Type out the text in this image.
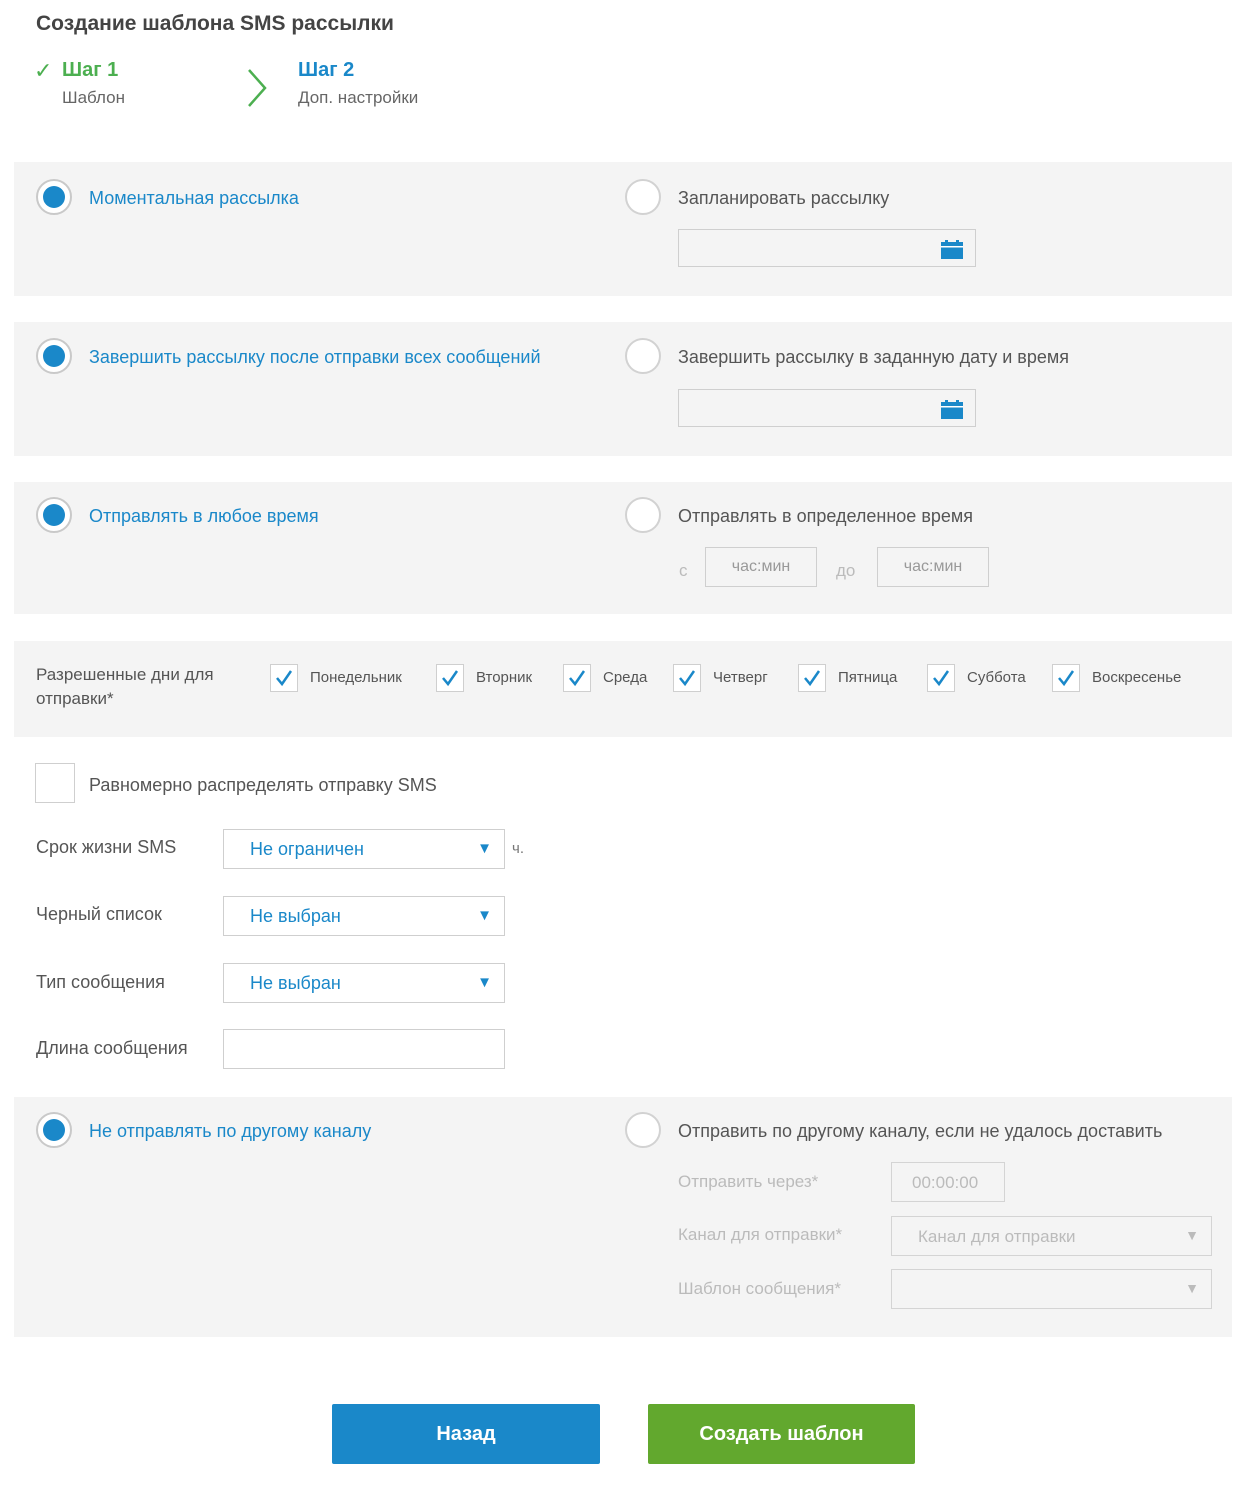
Создание шаблона SMS рассылки
✓ Шаг 1
Шаблон
Шаг 2
Доп. настройки
Моментальная рассылка	Запланировать рассылку
Завершить рассылку после отправки всех сообщений	Завершить рассылку в заданную дату и время
Отправлять в любое время	Отправлять в определенное время
с	час:мин	до	час:мин
Разрешенные дни для отправки*
Понедельник	Вторник	Среда	Четверг	Пятница	Суббота	Воскресенье
Равномерно распределять отправку SMS
Срок жизни SMS	Не ограничен	▼ ч.
Черный список	Не выбран	▼
Тип сообщения	Не выбран	▼
Длина сообщения
Не отправлять по другому каналу	Отправить по другому каналу, если не удалось доставить
Отправить через*	00:00:00
Канал для отправки*	Канал для отправки	▼
Шаблон сообщения*	▼
Назад	Создать шаблон
